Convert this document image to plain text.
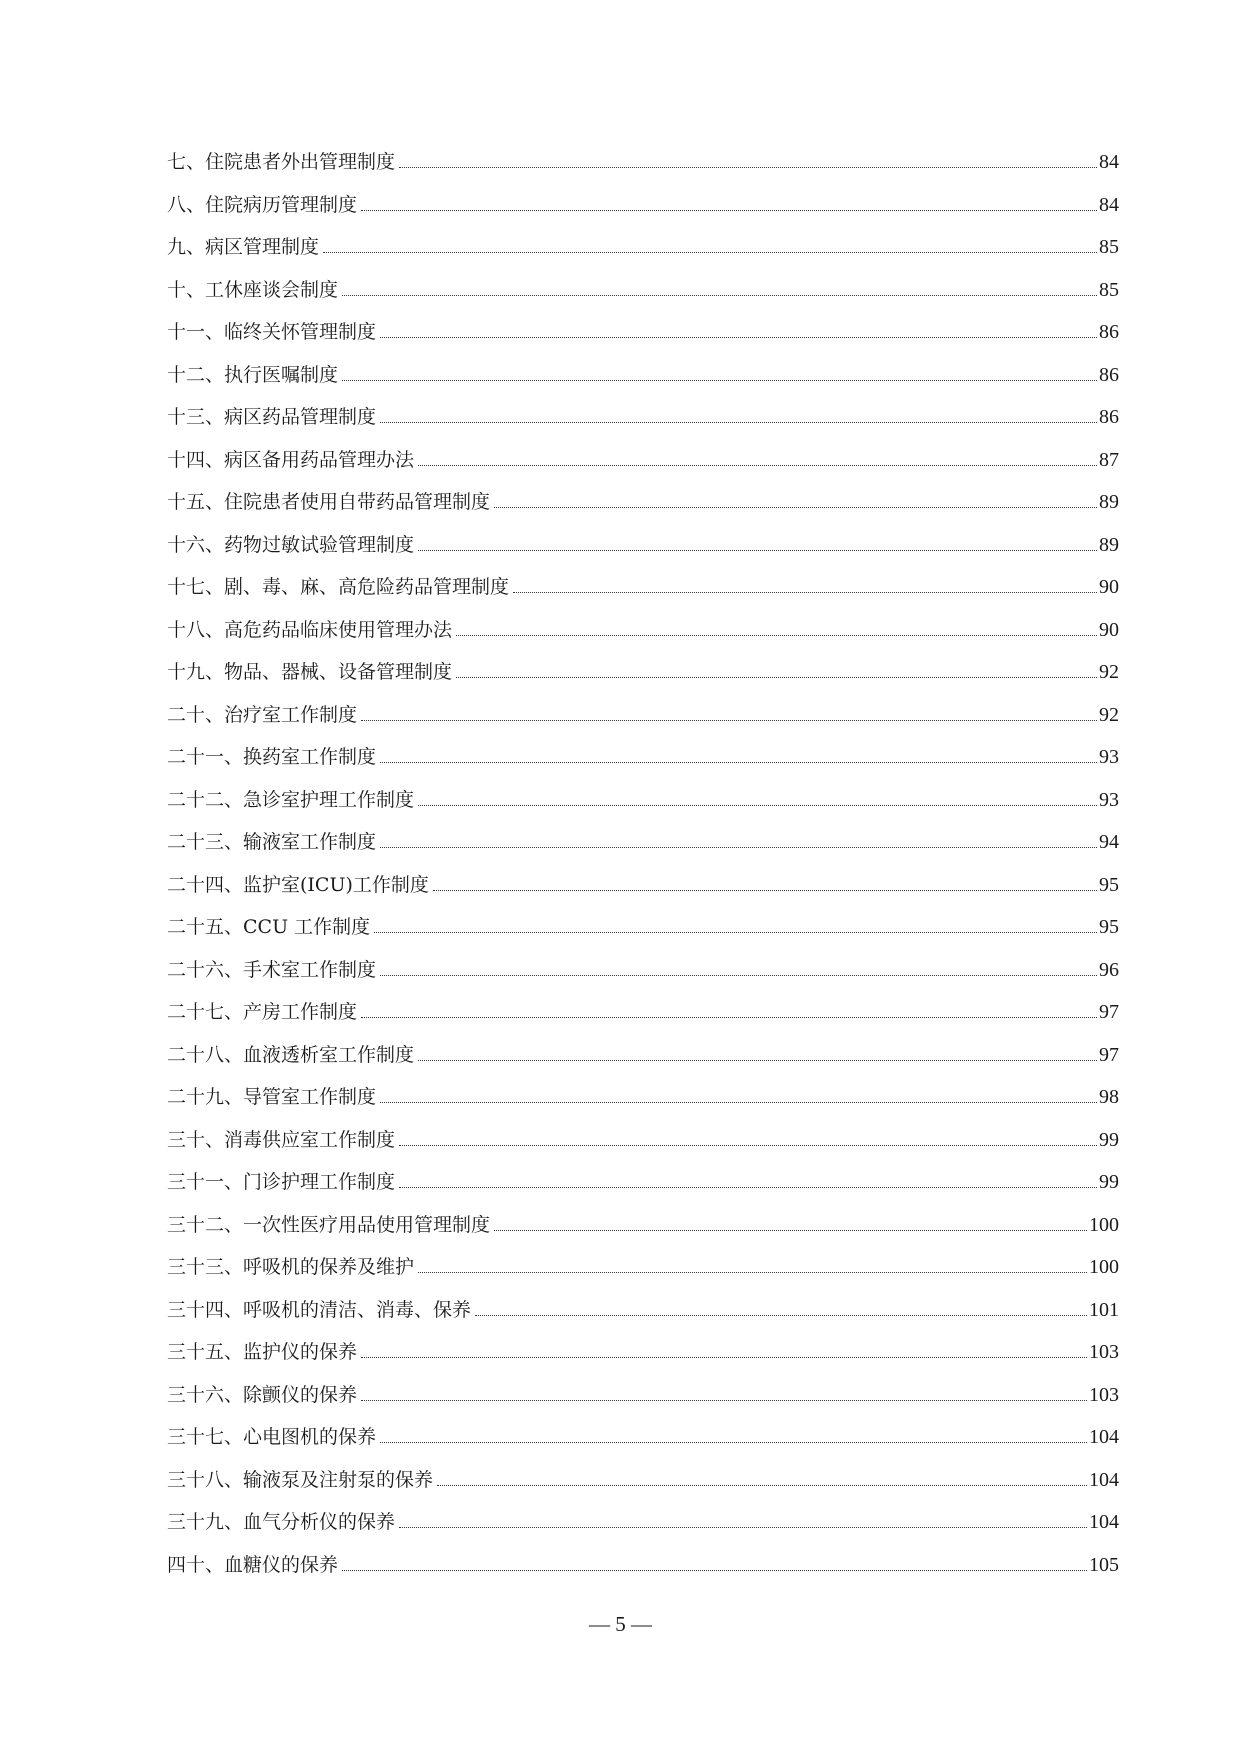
七、住院患者外出管理制度	84
八、住院病历管理制度	84
九、病区管理制度	85
十、工休座谈会制度	85
十一、临终关怀管理制度	86
十二、执行医嘱制度	86
十三、病区药品管理制度	86
十四、病区备用药品管理办法	87
十五、住院患者使用自带药品管理制度	89
十六、药物过敏试验管理制度	89
十七、剧、毒、麻、高危险药品管理制度	90
十八、高危药品临床使用管理办法	90
十九、物品、器械、设备管理制度	92
二十、治疗室工作制度	92
二十一、换药室工作制度	93
二十二、急诊室护理工作制度	93
二十三、输液室工作制度	94
二十四、监护室(ICU)工作制度	95
二十五、CCU 工作制度	95
二十六、手术室工作制度	96
二十七、产房工作制度	97
二十八、血液透析室工作制度	97
二十九、导管室工作制度	98
三十、消毒供应室工作制度	99
三十一、门诊护理工作制度	99
三十二、一次性医疗用品使用管理制度	100
三十三、呼吸机的保养及维护	100
三十四、呼吸机的清洁、消毒、保养	101
三十五、监护仪的保养	103
三十六、除颤仪的保养	103
三十七、心电图机的保养	104
三十八、输液泵及注射泵的保养	104
三十九、血气分析仪的保养	104
四十、血糖仪的保养	105
— 5 —
